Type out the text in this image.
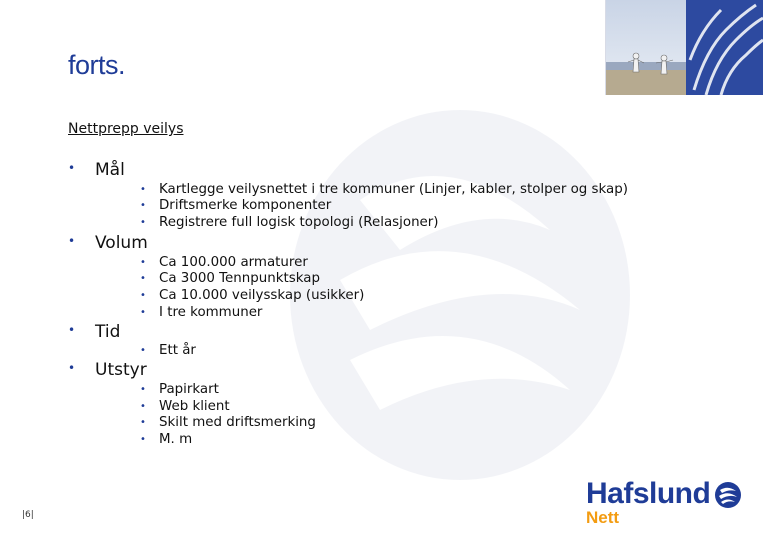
forts.
Nettprepp veilys
• Mål
• Kartlegge veilysnettet i tre kommuner (Linjer, kabler, stolper og skap)
• Driftsmerke komponenter
• Registrere full logisk topologi (Relasjoner)
• Volum
• Ca 100.000 armaturer
• Ca 3000 Tennpunktskap
• Ca 10.000 veilysskap (usikker)
• I tre kommuner
• Tid
• Ett år
• Utstyr
• Papirkart
• Web klient
• Skilt med driftsmerking
• M. m
|6|
Hafslund
Nett
